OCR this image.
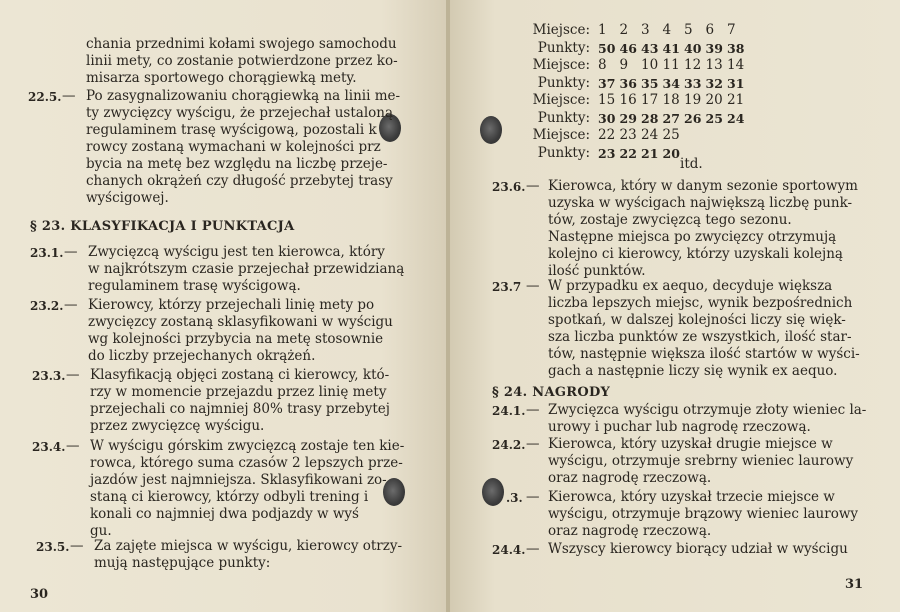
chania przednimi kołami swojego samochodu
linii mety, co zostanie potwierdzone przez ko-
misarza sportowego chorągiewką mety.
22.5. — Po zasygnalizowaniu chorągiewką na linii me-
ty zwycięzcy wyścigu, że przejechał ustaloną
regulaminem trasę wyścigową, pozostali k
rowcy zostaną wymachani w kolejności prz
bycia na metę bez względu na liczbę przeje-
chanych okrążeń czy długość przebytej trasy
wyścigowej.
§ 23. KLASYFIKACJA I PUNKTACJA
23.1. — Zwycięzcą wyścigu jest ten kierowca, który
w najkrótszym czasie przejechał przewidzianą
regulaminem trasę wyścigową.
23.2. — Kierowcy, którzy przejechali linię mety po
zwycięzcy zostaną sklasyfikowani w wyścigu
wg kolejności przybycia na metę stosownie
do liczby przejechanych okrążeń.
23.3. — Klasyfikacją objęci zostaną ci kierowcy, któ-
rzy w momencie przejazdu przez linię mety
przejechali co najmniej 80% trasy przebytej
przez zwycięzcę wyścigu.
23.4. — W wyścigu górskim zwycięzcą zostaje ten kie-
rowca, którego suma czasów 2 lepszych prze-
jazdów jest najmniejsza. Sklasyfikowani zo-
staną ci kierowcy, którzy odbyli trening i
konali co najmniej dwa podjazdy w wyś
gu.
23.5. — Za zajęte miejsca w wyścigu, kierowcy otrzy-
mują następujące punkty:
30
Miejsce: 1 2 3 4 5 6 7
Punkty: 50 46 43 41 40 39 38
Miejsce: 8 9 10 11 12 13 14
Punkty: 37 36 35 34 33 32 31
Miejsce: 15 16 17 18 19 20 21
Punkty: 30 29 28 27 26 25 24
Miejsce: 22 23 24 25
Punkty: 23 22 21 20
itd.
23.6. — Kierowca, który w danym sezonie sportowym
uzyska w wyścigach największą liczbę punk-
tów, zostaje zwycięzcą tego sezonu.
Następne miejsca po zwycięzcy otrzymują
kolejno ci kierowcy, którzy uzyskali kolejną
ilość punktów.
23.7 — W przypadku ex aequo, decyduje większa
liczba lepszych miejsc, wynik bezpośrednich
spotkań, w dalszej kolejności liczy się więk-
sza liczba punktów ze wszystkich, ilość star-
tów, następnie większa ilość startów w wyści-
gach a następnie liczy się wynik ex aequo.
§ 24. NAGRODY
24.1. — Zwycięzca wyścigu otrzymuje złoty wieniec la-
urowy i puchar lub nagrodę rzeczową.
24.2. — Kierowca, który uzyskał drugie miejsce w
wyścigu, otrzymuje srebrny wieniec laurowy
oraz nagrodę rzeczową.
.3. — Kierowca, który uzyskał trzecie miejsce w
wyścigu, otrzymuje brązowy wieniec laurowy
oraz nagrodę rzeczową.
24.4. — Wszyscy kierowcy biorący udział w wyścigu
31
